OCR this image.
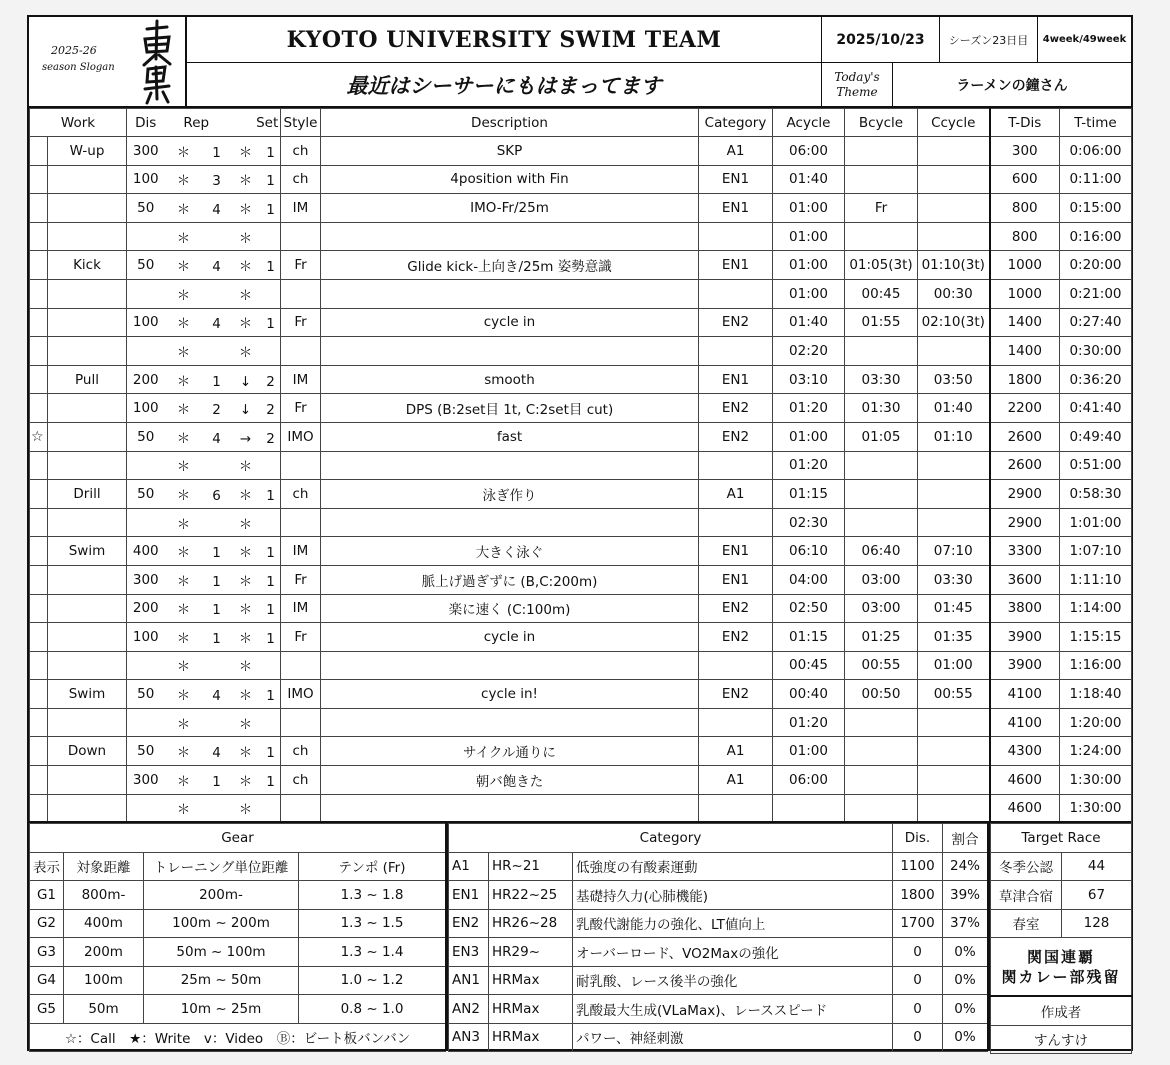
2025-26
season Slogan
KYOTO UNIVERSITY SWIM TEAM
最近はシーサーにもはまってます
2025/10/23	シーズン23日目	4week/49week
Today's
Theme	ラーメンの鐘さん
Work		Dis	Rep Set	Style	Description	Category	Acycle	Bcycle	Ccycle	T-Dis	T-time
	W-up	300	＊ 1 ＊ 1	ch	SKP	A1	06:00			300	0:06:00
		100	＊ 3 ＊ 1	ch	4position with Fin	EN1	01:40			600	0:11:00
		50	＊ 4 ＊ 1	IM	IMO-Fr/25m	EN1	01:00	Fr		800	0:15:00
			＊ ＊				01:00			800	0:16:00
	Kick	50	＊ 4 ＊ 1	Fr	Glide kick-上向き/25m 姿勢意識	EN1	01:00	01:05(3t)	01:10(3t)	1000	0:20:00
			＊ ＊				01:00	00:45	00:30	1000	0:21:00
		100	＊ 4 ＊ 1	Fr	cycle in	EN2	01:40	01:55	02:10(3t)	1400	0:27:40
			＊ ＊				02:20			1400	0:30:00
	Pull	200	＊ 1 ↓ 2	IM	smooth	EN1	03:10	03:30	03:50	1800	0:36:20
		100	＊ 2 ↓ 2	Fr	DPS (B:2set目 1t, C:2set目 cut)	EN2	01:20	01:30	01:40	2200	0:41:40
☆		50	＊ 4 → 2	IMO	fast	EN2	01:00	01:05	01:10	2600	0:49:40
			＊ ＊				01:20			2600	0:51:00
	Drill	50	＊ 6 ＊ 1	ch	泳ぎ作り	A1	01:15			2900	0:58:30
			＊ ＊				02:30			2900	1:01:00
	Swim	400	＊ 1 ＊ 1	IM	大きく泳ぐ	EN1	06:10	06:40	07:10	3300	1:07:10
		300	＊ 1 ＊ 1	Fr	脈上げ過ぎずに (B,C:200m)	EN1	04:00	03:00	03:30	3600	1:11:10
		200	＊ 1 ＊ 1	IM	楽に速く (C:100m)	EN2	02:50	03:00	01:45	3800	1:14:00
		100	＊ 1 ＊ 1	Fr	cycle in	EN2	01:15	01:25	01:35	3900	1:15:15
			＊ ＊				00:45	00:55	01:00	3900	1:16:00
	Swim	50	＊ 4 ＊ 1	IMO	cycle in!	EN2	00:40	00:50	00:55	4100	1:18:40
			＊ ＊				01:20			4100	1:20:00
	Down	50	＊ 4 ＊ 1	ch	サイクル通りに	A1	01:00			4300	1:24:00
		300	＊ 1 ＊ 1	ch	朝バ飽きた	A1	06:00			4600	1:30:00
			＊ ＊							4600	1:30:00
Gear			
表示	対象距離	トレーニング単位距離	テンポ (Fr)
G1	800m-	200m-	1.3 ~ 1.8
G2	400m	100m ~ 200m	1.3 ~ 1.5
G3	200m	50m ~ 100m	1.3 ~ 1.4
G4	100m	25m ~ 50m	1.0 ~ 1.2
G5	50m	10m ~ 25m	0.8 ~ 1.0
☆：Call　★：Write　v：Video　Ⓑ：ビート板バンバン			
Category			Dis.	割合
A1	HR~21	低強度の有酸素運動	1100	24%
EN1	HR22~25	基礎持久力(心肺機能)	1800	39%
EN2	HR26~28	乳酸代謝能力の強化、LT値向上	1700	37%
EN3	HR29~	オーバーロード、VO2Maxの強化	0	0%
AN1	HRMax	耐乳酸、レース後半の強化	0	0%
AN2	HRMax	乳酸最大生成(VLaMax)、レーススピード	0	0%
AN3	HRMax	パワー、神経刺激	0	0%
Target Race	
冬季公認	44
草津合宿	67
春室	128

関国連覇
関カレー部残留	

作成者	
すんすけ	
